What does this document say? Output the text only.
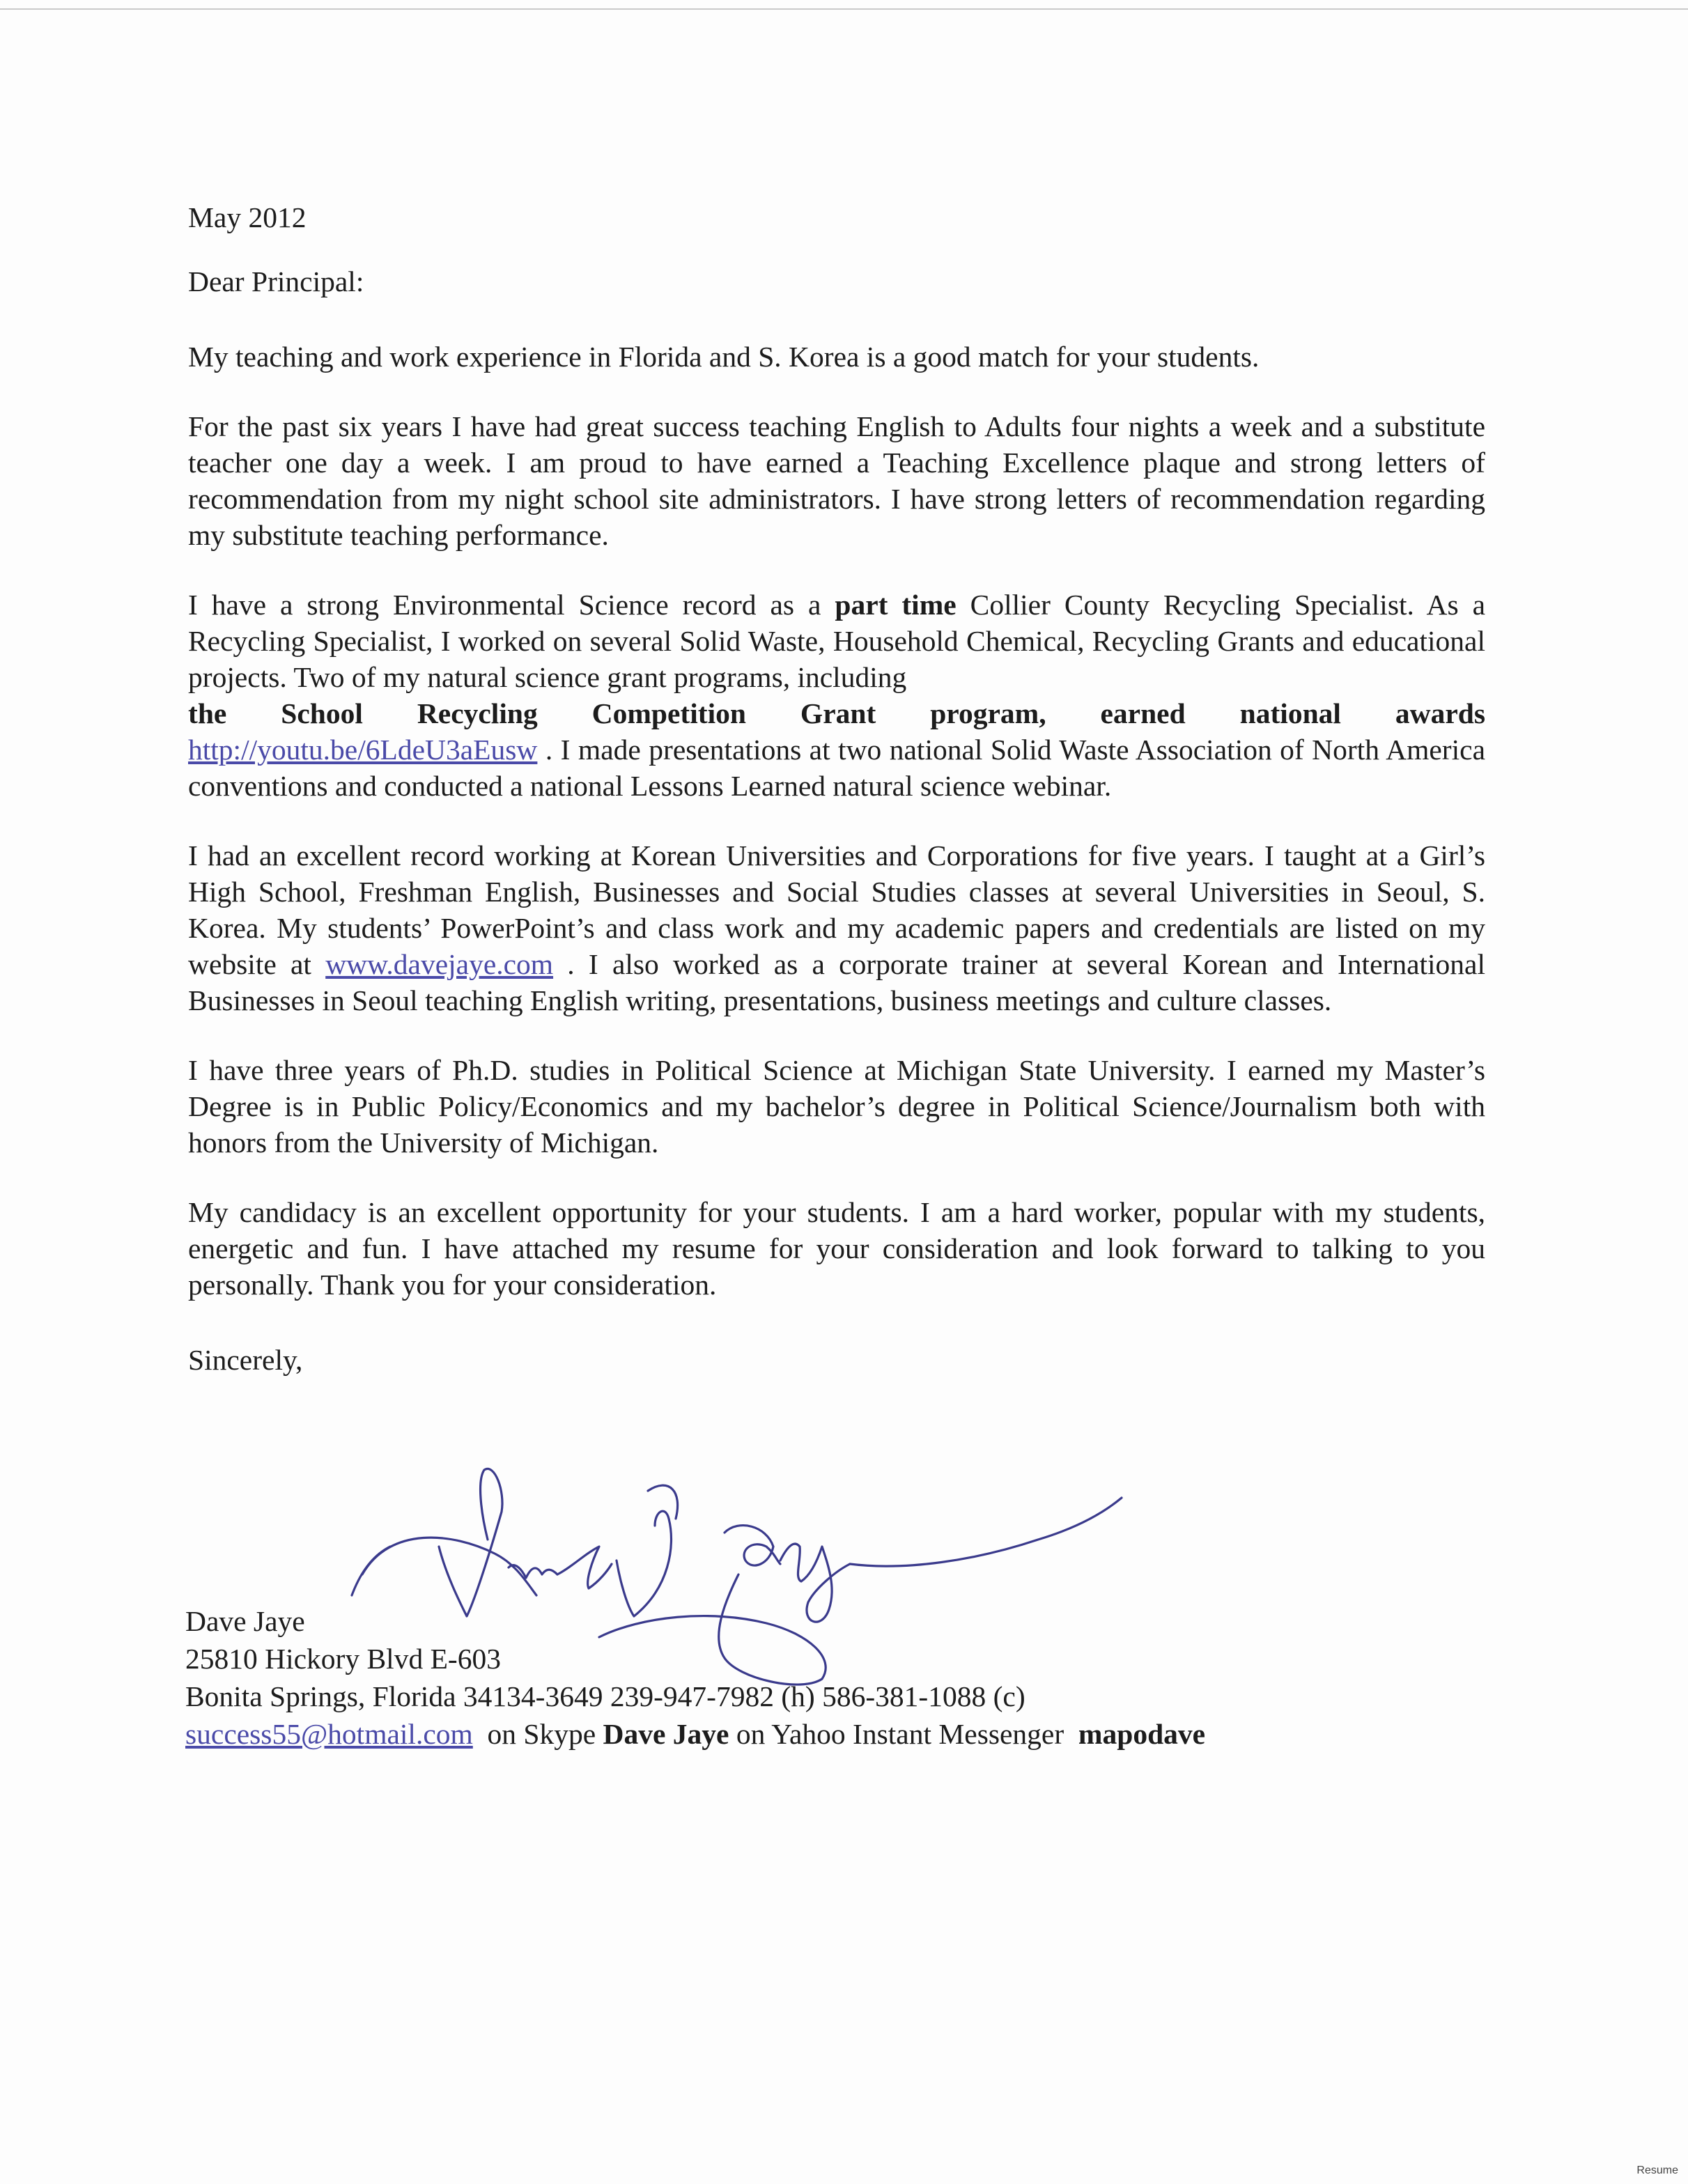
May 2012

Dear Principal:

My teaching and work experience in Florida and S. Korea is a good match for your students.

For the past six years I have had great success teaching English to Adults four nights a week and a substitute teacher one day a week. I am proud to have earned a Teaching Excellence plaque and strong letters of recommendation from my night school site administrators. I have strong letters of recommendation regarding my substitute teaching performance.

I have a strong Environmental Science record as a part time Collier County Recycling Specialist. As a Recycling Specialist, I worked on several Solid Waste, Household Chemical, Recycling Grants and educational projects. Two of my natural science grant programs, including
the School Recycling Competition Grant program, earned national awards
http://youtu.be/6LdeU3aEusw . I made presentations at two national Solid Waste Association of North America conventions and conducted a national Lessons Learned natural science webinar.

I had an excellent record working at Korean Universities and Corporations for five years. I taught at a Girl’s High School, Freshman English, Businesses and Social Studies classes at several Universities in Seoul, S. Korea. My students’ PowerPoint’s and class work and my academic papers and credentials are listed on my website at www.davejaye.com . I also worked as a corporate trainer at several Korean and International Businesses in Seoul teaching English writing, presentations, business meetings and culture classes.

I have three years of Ph.D. studies in Political Science at Michigan State University. I earned my Master’s Degree is in Public Policy/Economics and my bachelor’s degree in Political Science/Journalism both with honors from the University of Michigan.

My candidacy is an excellent opportunity for your students. I am a hard worker, popular with my students, energetic and fun. I have attached my resume for your consideration and look forward to talking to you personally. Thank you for your consideration.

Sincerely,

Dave Jaye
25810 Hickory Blvd E-603
Bonita Springs, Florida 34134-3649 239-947-7982 (h) 586-381-1088 (c)
success55@hotmail.com on Skype Dave Jaye on Yahoo Instant Messenger mapodave
Resume
